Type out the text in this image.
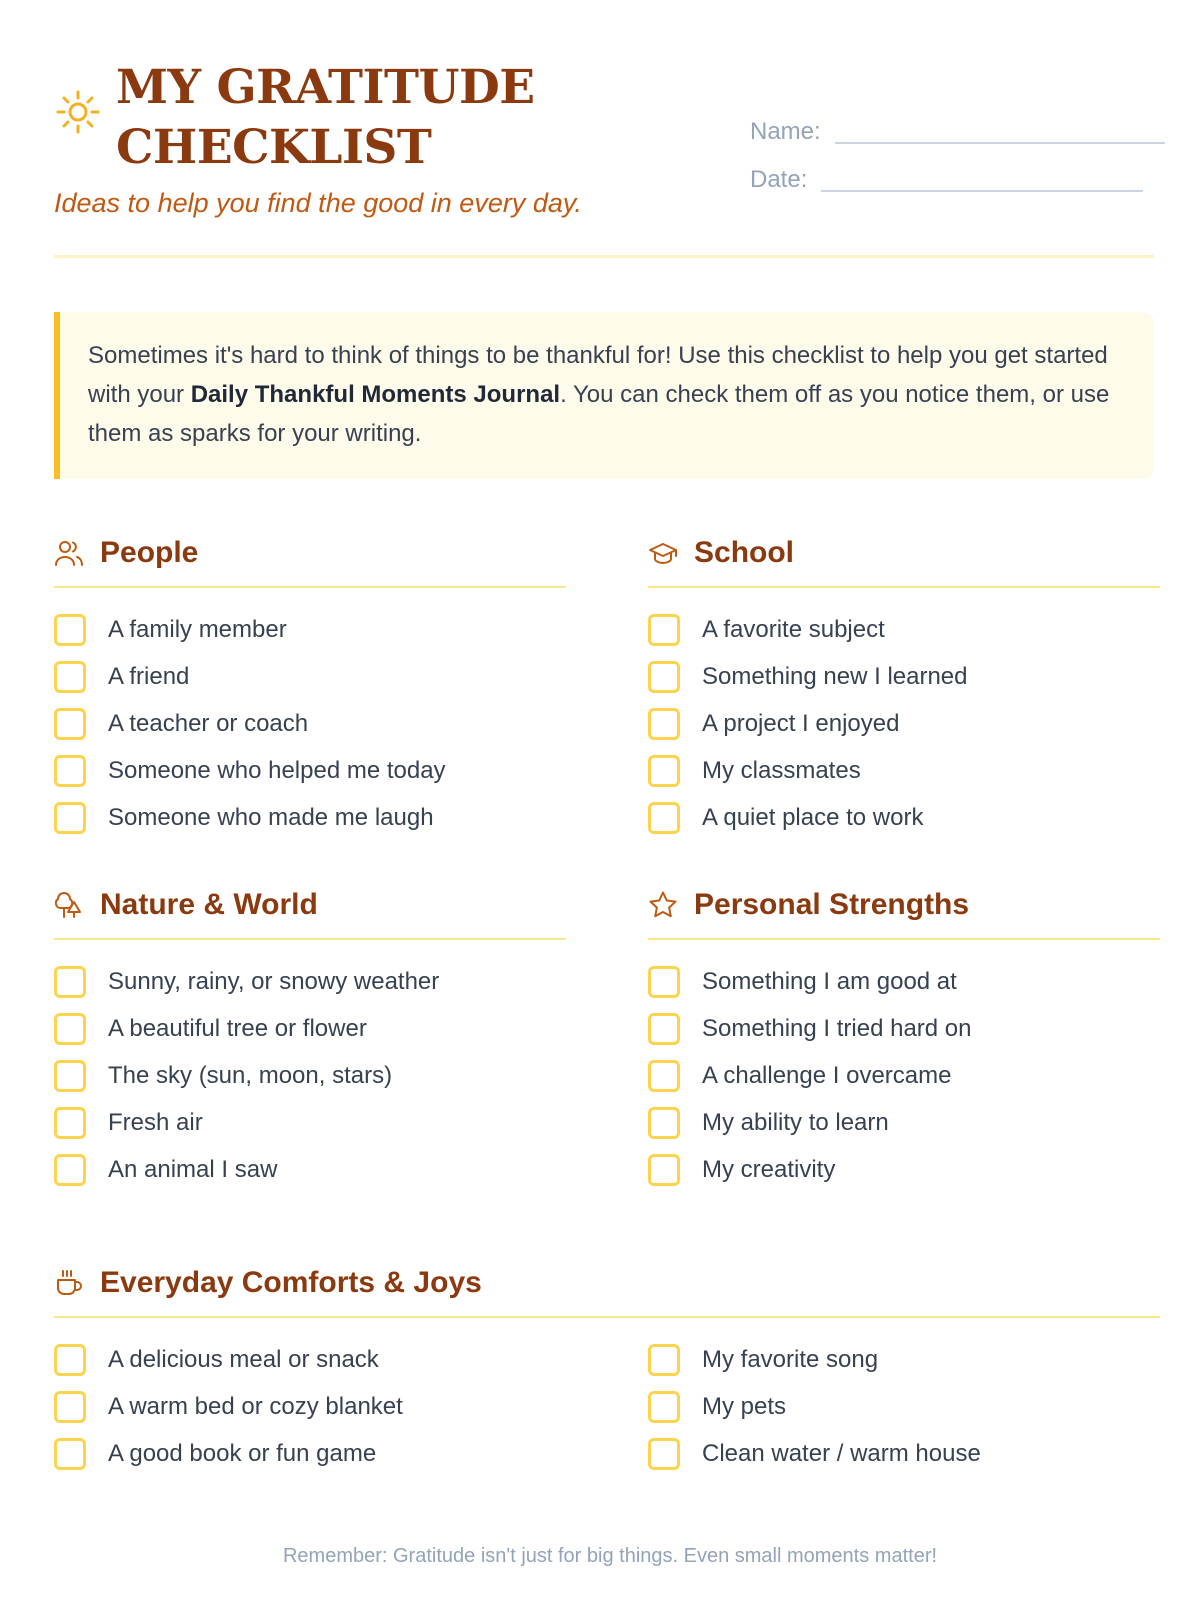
MY GRATITUDE
CHECKLIST
Ideas to help you find the good in every day.
Name:
Date:
Sometimes it's hard to think of things to be thankful for! Use this checklist to help you get started with your Daily Thankful Moments Journal. You can check them off as you notice them, or use them as sparks for your writing.
People
A family member
A friend
A teacher or coach
Someone who helped me today
Someone who made me laugh
School
A favorite subject
Something new I learned
A project I enjoyed
My classmates
A quiet place to work
Nature & World
Sunny, rainy, or snowy weather
A beautiful tree or flower
The sky (sun, moon, stars)
Fresh air
An animal I saw
Personal Strengths
Something I am good at
Something I tried hard on
A challenge I overcame
My ability to learn
My creativity
Everyday Comforts & Joys
A delicious meal or snack
A warm bed or cozy blanket
A good book or fun game
My favorite song
My pets
Clean water / warm house
Remember: Gratitude isn't just for big things. Even small moments matter!
